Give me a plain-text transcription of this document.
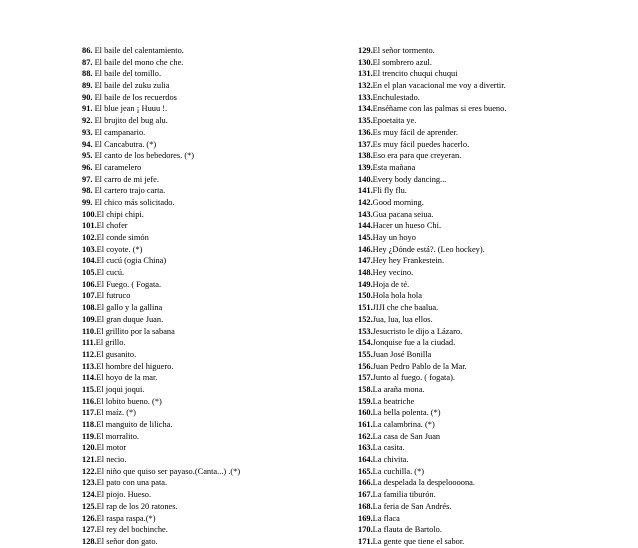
86. El baile del calentamiento.
87. El baile del mono che che.
88. El baile del tomillo.
89. El baile del zuku zulia
90. El baile de los recuerdos
91. El blue jean ¡ Huuu !.
92. El brujito del bug alu.
93. El campanario.
94. El Cancabutra. (*)
95. El canto de los bebedores. (*)
96. El caramelero
97. El carro de mi jefe.
98. El cartero trajo carta.
99. El chico más solicitado.
100.El chipi chipi.
101.El chofer
102.El conde simón
103.El coyote. (*)
104.El cucú (ogia China)
105.El cucú.
106.El Fuego. ( Fogata.
107.El futruco
108.El gallo y la gallina
109.El gran duque Juan.
110.El grillito por la sabana
111.El grillo.
112.El gusanito.
113.El hombre del higuero.
114.El hoyo de la mar.
115.El joqui joqui.
116.El lobito bueno. (*)
117.El maíz. (*)
118.El manguito de lilicha.
119.El morralito.
120.El motor
121.El necio.
122.El niño que quiso ser payaso.(Canta...) .(*)
123.El pato con una pata.
124.El piojo. Hueso.
125.El rap de los 20 ratones.
126.El raspa raspa.(*)
127.El rey del bochinche.
128.El señor don gato.
129.El señor tormento.
130.El sombrero azul.
131.El trencito chuqui chuqui
132.En el plan vacacional me voy a divertir.
133.Enchulestado.
134.Enséñame con las palmas si eres bueno.
135.Epoetaita ye.
136.Es muy fácil de aprender.
137.Es muy fácil puedes hacerlo.
138.Eso era para que creyeran.
139.Esta mañana
140.Every body dancing...
141.Fli fly flu.
142.Good morning.
143.Gua pacana seiua.
144.Hacer un hueso Chi.
145.Hay un hoyo
146.Hey ¿Dónde está?. (Leo hockey).
147.Hey hey Frankestein.
148.Hey vecino.
149.Hoja de té.
150.Hola hola hola
151.JIJI che che baalua.
152.Jua, lua, lua ellos.
153.Jesucristo le dijo a Lázaro.
154.Jonquise fue a la ciudad.
155.Juan José Bonilla
156.Juan Pedro Pablo de la Mar.
157.Junto al fuego. ( fogata).
158.La araña mona.
159.La beatriche
160.La bella polenta. (*)
161.La calambrina. (*)
162.La casa de San Juan
163.La casita.
164.La chivita.
165.La cuchilla. (*)
166.La despelada la despeloooona.
167.La familia tiburón.
168.La feria de San Andrés.
169.La flaca
170.La flauta de Bartolo.
171.La gente que tiene el sabor.
